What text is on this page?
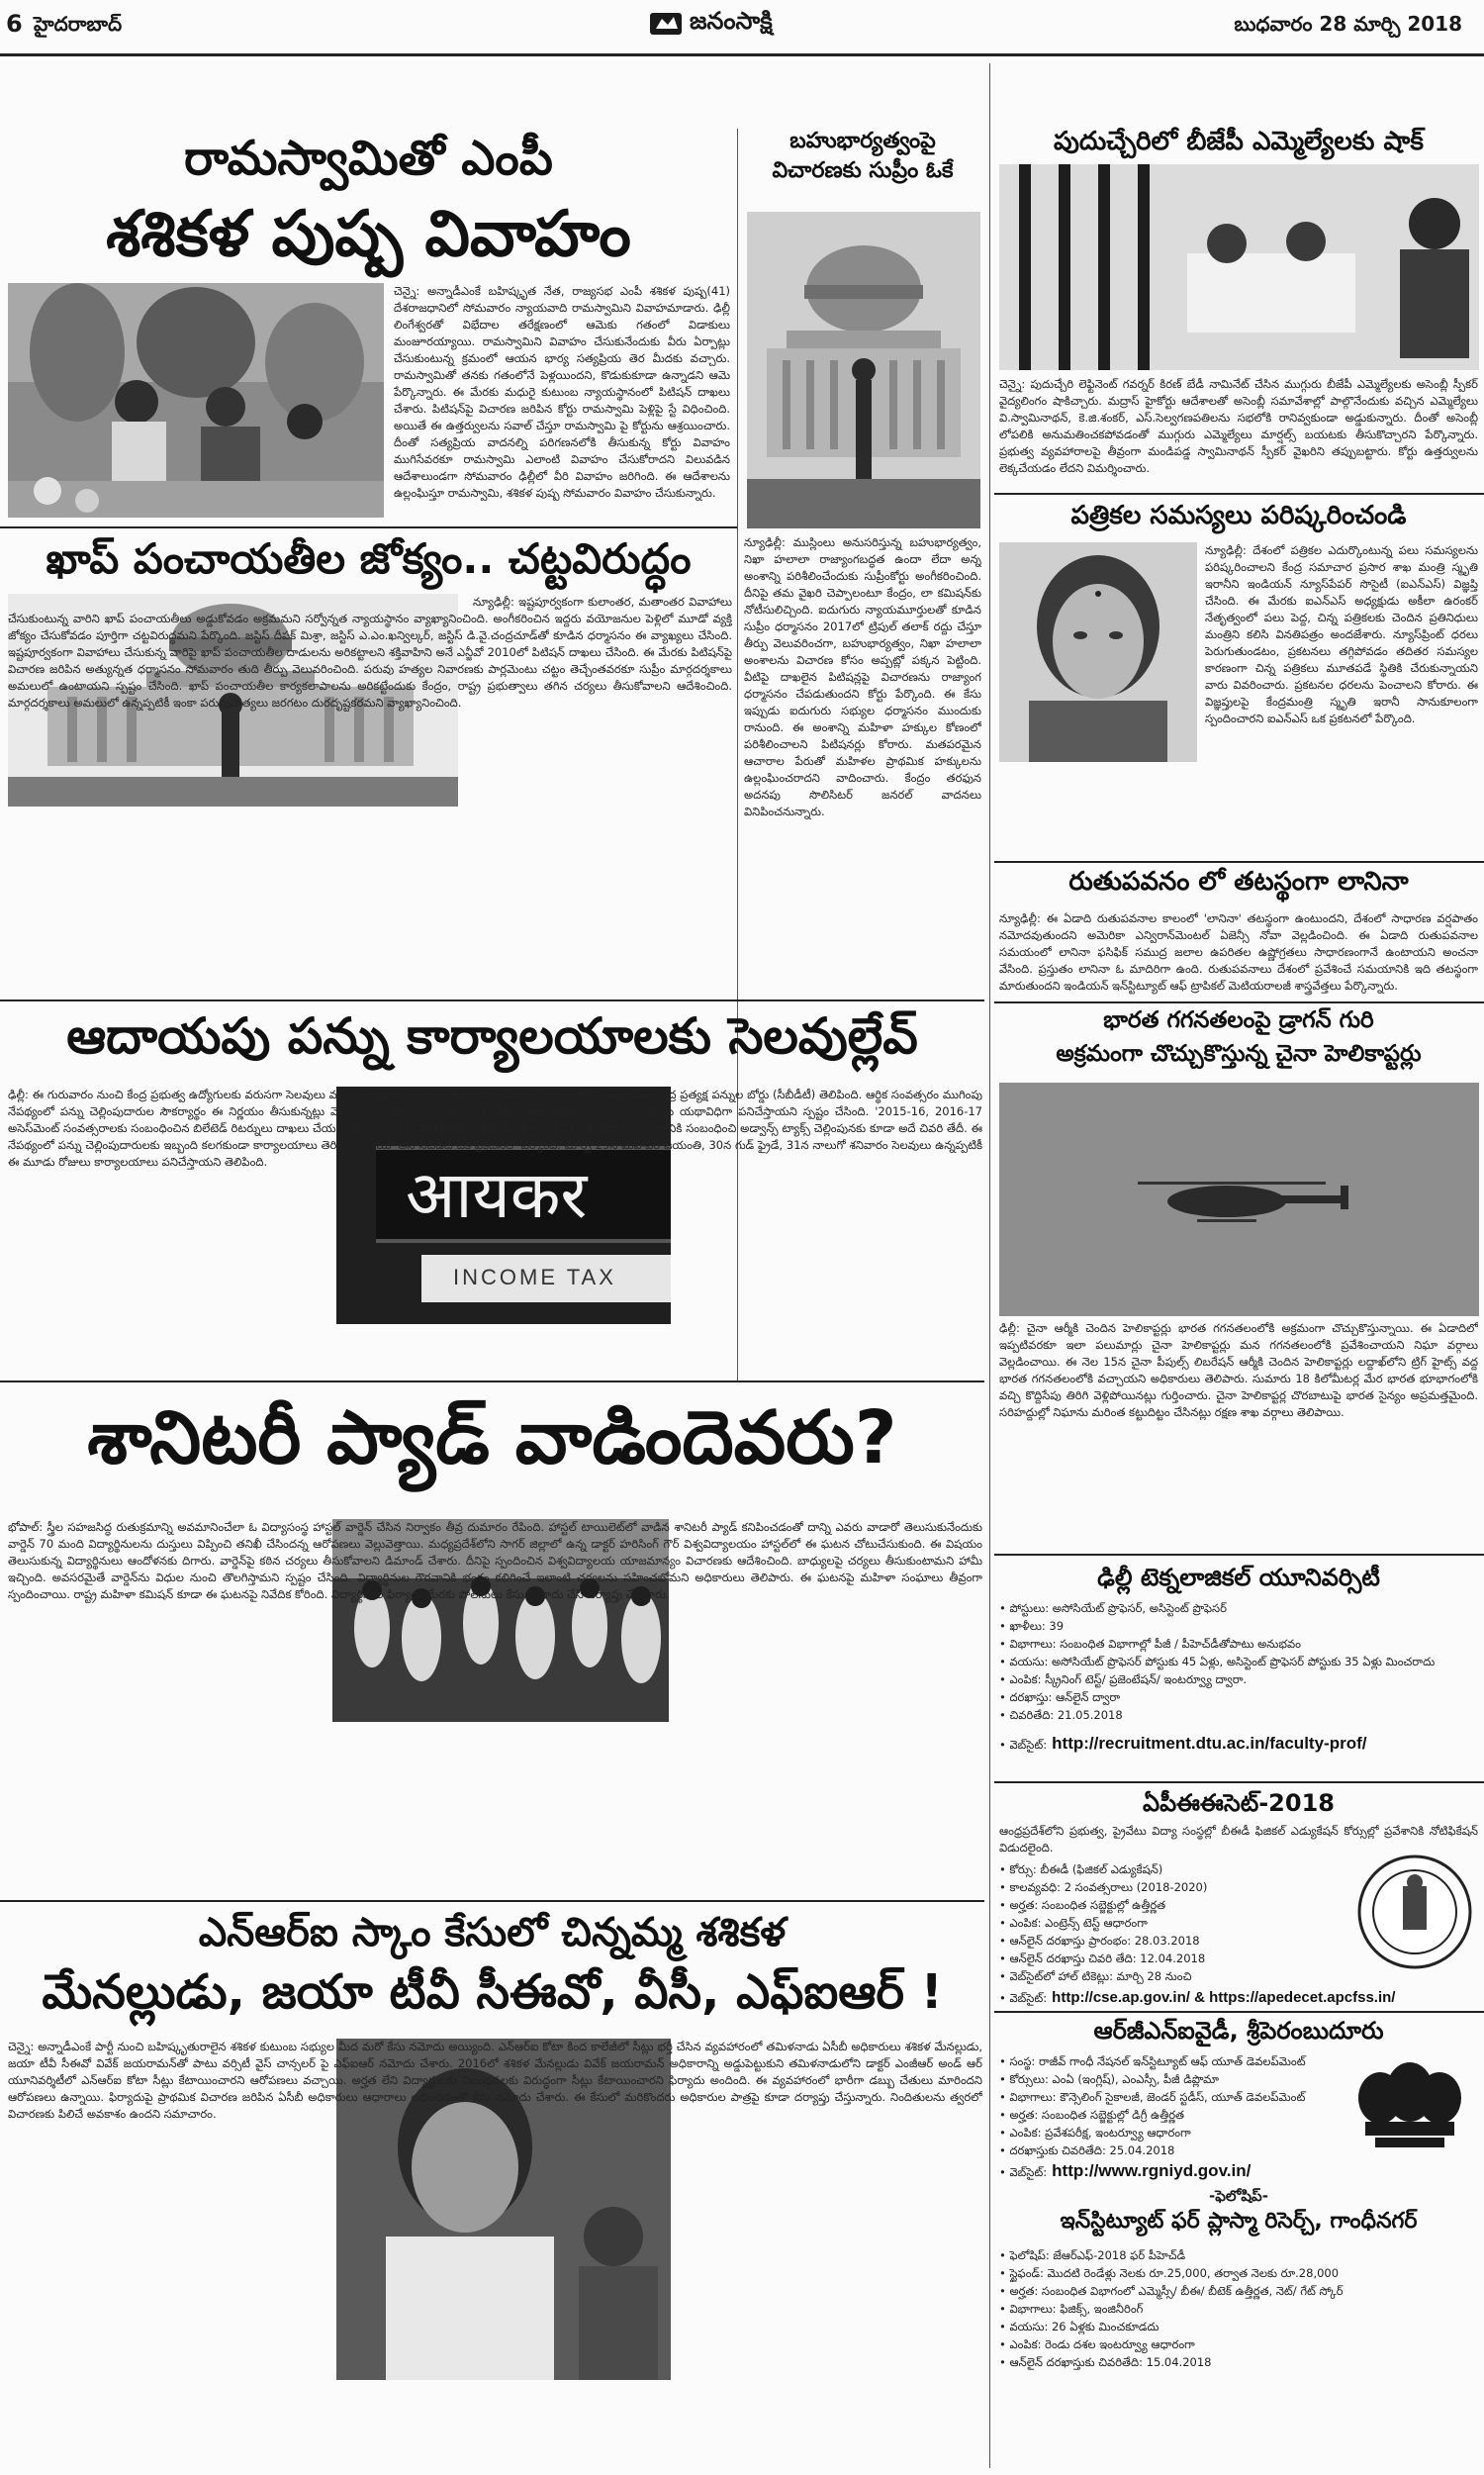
6 హైదరాబాద్	జనంసాక్షి	బుధవారం 28 మార్చి 2018
రామస్వామితో ఎంపీ
శశికళ పుష్ప వివాహం
చెన్నై: అన్నాడీఎంకే బహిష్కృత నేత, రాజ్యసభ ఎంపీ శశికళ పుష్ప(41) దేశరాజధానిలో సోమవారం న్యాయవాది రామస్వామిని వివాహమాడారు. ఢిల్లీ లింగేశ్వరతో విభేదాల తరేక్షణంలో ఆమెకు గతంలో విడాకులు మంజూరయ్యాయి. రామస్వామిని వివాహం చేసుకునేందుకు వీరు ఏర్పాట్లు చేసుకుంటున్న క్రమంలో ఆయన భార్య సత్యప్రియ తెర మీదకు వచ్చారు. రామస్వామితో తనకు గతంలోనే పెళ్లయిందని, కొడుకుకూడా ఉన్నాడని ఆమె పేర్కొన్నారు. ఈ మేరకు మధురై కుటుంబ న్యాయస్థానంలో పిటిషన్‌ దాఖలు చేశారు. పిటిషన్‌పై విచారణ జరిపిన కోర్టు రామస్వామి పెళ్లిపై స్టే విధించింది. అయితే ఈ ఉత్తర్వులను సవాల్‌ చేస్తూ రామస్వామి పై కోర్టును ఆశ్రయించారు. దీంతో సత్యప్రియ వాదనల్ని పరిగణనలోకి తీసుకున్న కోర్టు వివాహం ముగిసేవరకూ రామస్వామి ఎలాంటి వివాహం చేసుకోరాదని విలువడిన ఆదేశాలుండగా సోమవారం ఢిల్లీలో వీరి వివాహం జరిగింది. ఈ ఆదేశాలను ఉల్లంఘిస్తూ రామస్వామి, శశికళ పుష్ప సోమవారం వివాహం చేసుకున్నారు.
బహుభార్యత్వంపై
విచారణకు సుప్రీం ఓకే
న్యూఢిల్లీ: ముస్లింలు అనుసరిస్తున్న బహుభార్యత్వం, నిఖా హలాలా రాజ్యాంగబద్ధత ఉందా లేదా అన్న అంశాన్ని పరిశీలించేందుకు సుప్రీంకోర్టు అంగీకరించింది. దీనిపై తమ వైఖరి చెప్పాలంటూ కేంద్రం, లా కమిషన్‌కు నోటీసులిచ్చింది. ఐదుగురు న్యాయమూర్తులతో కూడిన సుప్రీం ధర్మాసనం 2017లో ట్రిపుల్‌ తలాక్‌ రద్దు చేస్తూ తీర్పు వెలువరించగా, బహుభార్యత్వం, నిఖా హలాలా అంశాలను విచారణ కోసం అప్పట్లో పక్కన పెట్టింది. వీటిపై దాఖలైన పిటిషన్లపై విచారణను రాజ్యాంగ ధర్మాసనం చేపడుతుందని కోర్టు పేర్కొంది. ఈ కేసు ఇప్పుడు ఐదుగురు సభ్యుల ధర్మాసనం ముందుకు రానుంది. ఈ అంశాన్ని మహిళా హక్కుల కోణంలో పరిశీలించాలని పిటిషనర్లు కోరారు. మతపరమైన ఆచారాల పేరుతో మహిళల ప్రాథమిక హక్కులను ఉల్లంఘించరాదని వాదించారు. కేంద్రం తరఫున అదనపు సొలిసిటర్‌ జనరల్‌ వాదనలు వినిపించనున్నారు.
ఖాప్ పంచాయతీల జోక్యం.. చట్టవిరుద్ధం
న్యూఢిల్లీ: ఇష్టపూర్వకంగా కులాంతర, మతాంతర వివాహాలు చేసుకుంటున్న వారిని ఖాప్‌ పంచాయతీలు అడ్డుకోవడం అక్రమమని సర్వోన్నత న్యాయస్థానం వ్యాఖ్యానించింది. అంగీకరించిన ఇద్దరు వయోజనుల పెళ్లిలో మూడో వ్యక్తి జోక్యం చేసుకోవడం పూర్తిగా చట్టవిరుద్ధమని పేర్కొంది. జస్టిస్‌ దీపక్‌ మిశ్రా, జస్టిస్‌ ఎ.ఎం.ఖన్విల్కర్‌, జస్టిస్‌ డి.వై.చంద్రచూడ్‌తో కూడిన ధర్మాసనం ఈ వ్యాఖ్యలు చేసింది. ఇష్టపూర్వకంగా వివాహాలు చేసుకున్న వారిపై ఖాప్‌ పంచాయతీల దాడులను అరికట్టాలని శక్తివాహిని అనే ఎన్జీవో 2010లో పిటిషన్‌ దాఖలు చేసింది. ఈ మేరకు పిటిషన్‌పై విచారణ జరిపిన అత్యున్నత ధర్మాసనం సోమవారం తుది తీర్పు వెలువరించింది. పరువు హత్యల నివారణకు పార్లమెంటు చట్టం తెచ్చేంతవరకూ సుప్రీం మార్గదర్శకాలు అమలులో ఉంటాయని స్పష్టం చేసింది. ఖాప్‌ పంచాయతీల కార్యకలాపాలను అరికట్టేందుకు కేంద్రం, రాష్ట్ర ప్రభుత్వాలు తగిన చర్యలు తీసుకోవాలని ఆదేశించింది. మార్గదర్శకాలు అమలులో ఉన్నప్పటికీ ఇంకా పరువుహత్యలు జరగటం దురదృష్టకరమని వ్యాఖ్యానించింది.
పుదుచ్చేరిలో బీజేపీ ఎమ్మెల్యేలకు షాక్‌
చెన్నై: పుదుచ్చేరి లెఫ్టినెంట్ గవర్నర్ కిరణ్ బేడీ నామినేట్ చేసిన ముగ్గురు బీజేపీ ఎమ్మెల్యేలకు అసెంబ్లీ స్పీకర్ వైద్యలింగం షాకిచ్చారు. మద్రాస్ హైకోర్టు ఆదేశాలతో అసెంబ్లీ సమావేశాల్లో పాల్గొనేందుకు వచ్చిన ఎమ్మెల్యేలు వి.స్వామినాథన్, కె.జి.శంకర్, ఎస్.సెల్వగణపతిలను సభలోకి రానివ్వకుండా అడ్డుకున్నారు. దీంతో అసెంబ్లీ లోపలికి అనుమతించకపోవడంతో ముగ్గురు ఎమ్మెల్యేలు మార్షల్స్ బయటకు తీసుకొచ్చారని పేర్కొన్నారు. ప్రభుత్వ వ్యవహారాలపై తీవ్రంగా మండిపడ్డ స్వామినాథన్ స్పీకర్ వైఖరిని తప్పుబట్టారు. కోర్టు ఉత్తర్వులను లెక్కచేయడం లేదని విమర్శించారు.
పత్రికల సమస్యలు పరిష్కరించండి
న్యూఢిల్లీ: దేశంలో పత్రికల ఎదుర్కొంటున్న పలు సమస్యలను పరిష్కరించాలని కేంద్ర సమాచార ప్రసార శాఖ మంత్రి స్మృతి ఇరానీని ఇండియన్ న్యూస్‌పేపర్ సొసైటీ (ఐఎన్ఎస్) విజ్ఞప్తి చేసింది. ఈ మేరకు ఐఎన్ఎస్ అధ్యక్షుడు అకీలా ఉరంకర్ నేతృత్వంలో పలు పెద్ద, చిన్న పత్రికలకు చెందిన ప్రతినిధులు మంత్రిని కలిసి వినతిపత్రం అందజేశారు. న్యూస్‌ప్రింట్ ధరలు పెరుగుతుండటం, ప్రకటనలు తగ్గిపోవడం తదితర సమస్యల కారణంగా చిన్న పత్రికలు మూతపడే స్థితికి చేరుకున్నాయని వారు వివరించారు. ప్రకటనల ధరలను పెంచాలని కోరారు. ఈ విజ్ఞప్తులపై కేంద్రమంత్రి స్మృతి ఇరానీ సానుకూలంగా స్పందించారని ఐఎన్ఎస్ ఒక ప్రకటనలో పేర్కొంది.
రుతుపవనం లో తటస్థంగా లానినా
న్యూఢిల్లీ: ఈ ఏడాది రుతుపవనాల కాలంలో 'లానినా' తటస్థంగా ఉంటుందని, దేశంలో సాధారణ వర్షపాతం నమోదవుతుందని అమెరికా ఎన్విరాన్‌మెంటల్ ఏజెన్సీ నోవా వెల్లడించింది. ఈ ఏడాది రుతుపవనాల సమయంలో లానినా ఫసిఫిక్ సముద్ర జలాల ఉపరితల ఉష్ణోగ్రతలు సాధారణంగానే ఉంటాయని అంచనా వేసింది. ప్రస్తుతం లానినా ఓ మాదిరిగా ఉంది. రుతుపవనాలు దేశంలో ప్రవేశించే సమయానికి ఇది తటస్థంగా మారుతుందని ఇండియన్ ఇన్‌స్టిట్యూట్ ఆఫ్ ట్రాపికల్ మెటియరాలజీ శాస్త్రవేత్తలు పేర్కొన్నారు.
భారత గగనతలంపై డ్రాగన్ గురి
అక్రమంగా చొచ్చుకొస్తున్న చైనా హెలికాప్టర్లు
ఢిల్లీ: చైనా ఆర్మీకి చెందిన హెలికాప్టర్లు భారత గగనతలంలోకి అక్రమంగా చొచ్చుకొస్తున్నాయి. ఈ ఏడాదిలో ఇప్పటివరకూ ఇలా పలుమార్లు చైనా హెలికాప్టర్లు మన గగనతలంలోకి ప్రవేశించాయని నిఘా వర్గాలు వెల్లడించాయి. ఈ నెల 15న చైనా పీపుల్స్ లిబరేషన్ ఆర్మీకి చెందిన హెలికాప్టర్లు లద్దాఖ్‌లోని ట్రిగ్ హైట్స్ వద్ద భారత గగనతలంలోకి వచ్చాయని అధికారులు తెలిపారు. సుమారు 18 కిలోమీటర్ల మేర భారత భూభాగంలోకి వచ్చి కొద్దిసేపు తిరిగి వెళ్లిపోయినట్లు గుర్తించారు. చైనా హెలికాప్టర్ల చొరబాటుపై భారత సైన్యం అప్రమత్తమైంది. సరిహద్దుల్లో నిఘాను మరింత కట్టుదిట్టం చేసినట్లు రక్షణ శాఖ వర్గాలు తెలిపాయి.
ఆదాయపు పన్ను కార్యాలయాలకు సెలవుల్లేవ్
आयकर
INCOME TAX
ఢిల్లీ: ఈ గురువారం నుంచి కేంద్ర ప్రభుత్వ ఉద్యోగులకు వరుసగా సెలవులు వస్తున్నా, ఆదాయపు పన్ను శాఖ కార్యాలయాలు మాత్రం తెరిచే ఉంటాయని కేంద్ర ప్రత్యక్ష పన్నుల బోర్డు (సీబీడీటీ) తెలిపింది. ఆర్థిక సంవత్సరం ముగింపు నేపథ్యంలో పన్ను చెల్లింపుదారుల సౌకర్యార్థం ఈ నిర్ణయం తీసుకున్నట్లు వెల్లడించింది. మార్చి 29, 30, 31 తేదీల్లో ఆదాయపు పన్ను కార్యాలయాలు యథావిధిగా పనిచేస్తాయని స్పష్టం చేసింది. '2015-16, 2016-17 అసెస్‌మెంట్ సంవత్సరాలకు సంబంధించిన బిలేటెడ్ రిటర్నులు దాఖలు చేయడానికి మార్చి 31, 2018 చివరి తేదీ. అంతేగాక 2017-18 ఆర్థిక సంవత్సరానికి సంబంధించి అడ్వాన్స్ ట్యాక్స్ చెల్లింపునకు కూడా అదే చివరి తేదీ. ఈ నేపథ్యంలో పన్ను చెల్లింపుదారులకు ఇబ్బంది కలగకుండా కార్యాలయాలు తెరిచే ఉంటాయి' అని సీబీడీటీ ఒక ప్రకటనలో పేర్కొంది. మార్చి 29న మహావీర్ జయంతి, 30న గుడ్ ఫ్రైడే, 31న నాలుగో శనివారం సెలవులు ఉన్నప్పటికీ ఈ మూడు రోజులు కార్యాలయాలు పనిచేస్తాయని తెలిపింది.
శానిటరీ ప్యాడ్ వాడిందెవరు?
భోపాల్: స్త్రీల సహజసిద్ధ రుతుక్రమాన్ని అవమానించేలా ఓ విద్యాసంస్థ హాస్టల్ వార్డెన్ చేసిన నిర్వాకం తీవ్ర దుమారం రేపింది. హాస్టల్ టాయిలెట్‌లో వాడిన శానిటరీ ప్యాడ్ కనిపించడంతో దాన్ని ఎవరు వాడారో తెలుసుకునేందుకు వార్డెన్ 70 మంది విద్యార్థినులను దుస్తులు విప్పించి తనిఖీ చేసిందన్న ఆరోపణలు వెల్లువెత్తాయి. మధ్యప్రదేశ్‌లోని సాగర్ జిల్లాలో ఉన్న డాక్టర్ హరిసింగ్ గౌర్ విశ్వవిద్యాలయం హాస్టల్‌లో ఈ ఘటన చోటుచేసుకుంది. ఈ విషయం తెలుసుకున్న విద్యార్థినులు ఆందోళనకు దిగారు. వార్డెన్‌పై కఠిన చర్యలు తీసుకోవాలని డిమాండ్ చేశారు. దీనిపై స్పందించిన విశ్వవిద్యాలయ యాజమాన్యం విచారణకు ఆదేశించింది. బాధ్యులపై చర్యలు తీసుకుంటామని హామీ ఇచ్చింది. అవసరమైతే వార్డెన్‌ను విధుల నుంచి తొలగిస్తామని స్పష్టం చేసింది. విద్యార్థినుల గౌరవానికి భంగం కలిగించే ఇలాంటి చర్యలను సహించబోమని అధికారులు తెలిపారు. ఈ ఘటనపై మహిళా సంఘాలు తీవ్రంగా స్పందించాయి. రాష్ట్ర మహిళా కమిషన్ కూడా ఈ ఘటనపై నివేదిక కోరింది. విద్యార్థినుల ఫిర్యాదు మేరకు పోలీసులు కేసు నమోదు చేసి దర్యాప్తు చేపట్టారు.
ఎన్ఆర్ఐ స్కాం కేసులో చిన్నమ్మ శశికళ
మేనల్లుడు, జయా టీవీ సీఈవో, వీసీ, ఎఫ్ఐఆర్ !
చెన్నై: అన్నాడీఎంకే పార్టీ నుంచి బహిష్కృతురాలైన శశికళ కుటుంబ సభ్యుల మీద మరో కేసు నమోదు అయ్యింది. ఎన్ఆర్ఐ కోటా కింద కాలేజీలో సీట్లు భర్తీ చేసిన వ్యవహారంలో తమిళనాడు ఏసీబీ అధికారులు శశికళ మేనల్లుడు, జయా టీవీ సీఈవో వివేక్ జయరామన్‌తో పాటు వర్సిటీ వైస్ చాన్సలర్ పై ఎఫ్ఐఆర్ నమోదు చేశారు. 2016లో శశికళ మేనల్లుడు వివేక్ జయరామన్ అధికారాన్ని అడ్డుపెట్టుకుని తమిళనాడులోని డాక్టర్ ఎంజీఆర్ అండ్ ఆర్ యూనివర్శిటీలో ఎన్ఆర్ఐ కోటా సీట్లు కేటాయించారని ఆరోపణలు వచ్చాయి. అర్హత లేని విద్యార్థులకు నిబంధనలకు విరుద్ధంగా సీట్లు కేటాయించారని ఫిర్యాదు అందింది. ఈ వ్యవహారంలో భారీగా డబ్బు చేతులు మారిందని ఆరోపణలు ఉన్నాయి. ఫిర్యాదుపై ప్రాథమిక విచారణ జరిపిన ఏసీబీ అధికారులు ఆధారాలు లభించడంతో కేసు నమోదు చేశారు. ఈ కేసులో మరికొందరు అధికారుల పాత్రపై కూడా దర్యాప్తు చేస్తున్నారు. నిందితులను త్వరలో విచారణకు పిలిచే అవకాశం ఉందని సమాచారం.
ఢిల్లీ టెక్నలాజికల్ యూనివర్సిటీ
• పోస్టులు: అసోసియేట్ ప్రొఫెసర్, అసిస్టెంట్ ప్రొఫెసర్
• ఖాళీలు: 39
• విభాగాలు: సంబంధిత విభాగాల్లో పీజీ / పీహెచ్‌డీతోపాటు అనుభవం
• వయసు: అసోసియేట్ ప్రొఫెసర్ పోస్టుకు 45 ఏళ్లు, అసిస్టెంట్ ప్రొఫెసర్ పోస్టుకు 35 ఏళ్లు మించరాదు
• ఎంపిక: స్క్రీనింగ్ టెస్ట్/ ప్రజెంటేషన్/ ఇంటర్వ్యూ ద్వారా.
• దరఖాస్తు: ఆన్‌లైన్ ద్వారా
• చివరితేది: 21.05.2018
• వెబ్‌సైట్: http://recruitment.dtu.ac.in/faculty-prof/
ఏపీఈఈసెట్-2018
ఆంధ్రప్రదేశ్‌లోని ప్రభుత్వ, ప్రైవేటు విద్యా సంస్థల్లో బీఈడీ ఫిజికల్ ఎడ్యుకేషన్ కోర్సుల్లో ప్రవేశానికి నోటిఫికేషన్ విడుదలైంది.
• కోర్సు: బీఈడీ (ఫిజికల్ ఎడ్యుకేషన్)
• కాలవ్యవధి: 2 సంవత్సరాలు (2018-2020)
• అర్హత: సంబంధిత సబ్జెక్టుల్లో ఉత్తీర్ణత
• ఎంపిక: ఎంట్రెన్స్ టెస్ట్ ఆధారంగా
• ఆన్‌లైన్ దరఖాస్తు ప్రారంభం: 28.03.2018
• ఆన్‌లైన్ దరఖాస్తు చివరి తేది: 12.04.2018
• వెబ్‌సైట్‌లో హాల్ టికెట్లు: మార్చి 28 నుంచి
• వెబ్‌సైట్: http://cse.ap.gov.in/ & https://apedecet.apcfss.in/
ఆర్‌జీఎన్‌ఐవైడీ, శ్రీపెరంబుదూరు
• సంస్థ: రాజీవ్ గాంధీ నేషనల్ ఇన్‌స్టిట్యూట్ ఆఫ్ యూత్ డెవలప్‌మెంట్
• కోర్సులు: ఎంఏ (ఇంగ్లిష్), ఎంఎస్సీ, పీజీ డిప్లొమా
• విభాగాలు: కౌన్సెలింగ్ సైకాలజీ, జెండర్ స్టడీస్, యూత్ డెవలప్‌మెంట్
• అర్హత: సంబంధిత సబ్జెక్టుల్లో డిగ్రీ ఉత్తీర్ణత
• ఎంపిక: ప్రవేశపరీక్ష, ఇంటర్వ్యూ ఆధారంగా
• దరఖాస్తుకు చివరితేది: 25.04.2018
• వెబ్‌సైట్: http://www.rgniyd.gov.in/
-ఫెలోషిప్-
ఇన్‌స్టిట్యూట్ ఫర్ ప్లాస్మా రిసెర్చ్, గాంధీనగర్
• ఫెలోషిప్: జేఆర్ఎఫ్-2018 ఫర్ పీహెచ్‌డీ
• స్టైఫండ్: మొదటి రెండేళ్లు నెలకు రూ.25,000, తర్వాత నెలకు రూ.28,000
• అర్హత: సంబంధిత విభాగంలో ఎమ్మెస్సీ/ బీఈ/ బీటెక్ ఉత్తీర్ణత, నెట్/ గేట్ స్కోర్
• విభాగాలు: ఫిజిక్స్, ఇంజినీరింగ్
• వయసు: 26 ఏళ్లకు మించకూడదు
• ఎంపిక: రెండు దశల ఇంటర్వ్యూ ఆధారంగా
• ఆన్‌లైన్ దరఖాస్తుకు చివరితేది: 15.04.2018
